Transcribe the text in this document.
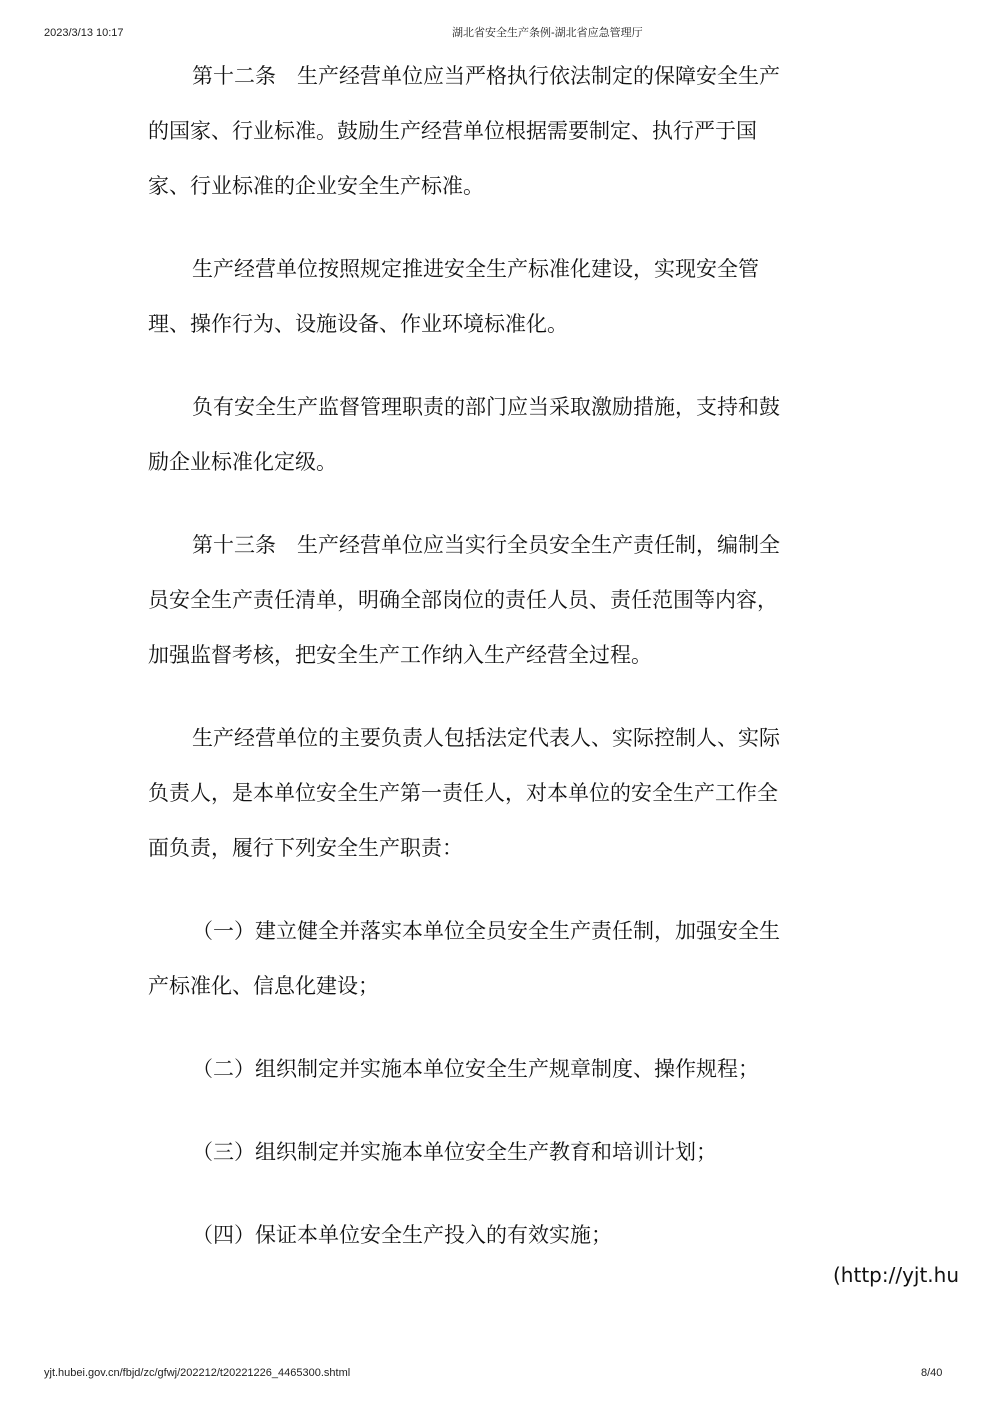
2023/3/13 10:17	湖北省安全生产条例-湖北省应急管理厅
第十二条　生产经营单位应当严格执行依法制定的保障安全生产
的国家、行业标准。鼓励生产经营单位根据需要制定、执行严于国
家、行业标准的企业安全生产标准。
生产经营单位按照规定推进安全生产标准化建设，实现安全管
理、操作行为、设施设备、作业环境标准化。
负有安全生产监督管理职责的部门应当采取激励措施，支持和鼓
励企业标准化定级。
第十三条　生产经营单位应当实行全员安全生产责任制，编制全
员安全生产责任清单，明确全部岗位的责任人员、责任范围等内容，
加强监督考核，把安全生产工作纳入生产经营全过程。
生产经营单位的主要负责人包括法定代表人、实际控制人、实际
负责人，是本单位安全生产第一责任人，对本单位的安全生产工作全
面负责，履行下列安全生产职责：
（一）建立健全并落实本单位全员安全生产责任制，加强安全生
产标准化、信息化建设；
（二）组织制定并实施本单位安全生产规章制度、操作规程；
（三）组织制定并实施本单位安全生产教育和培训计划；
（四）保证本单位安全生产投入的有效实施；
(http://yjt.hu
yjt.hubei.gov.cn/fbjd/zc/gfwj/202212/t20221226_4465300.shtml	8/40
